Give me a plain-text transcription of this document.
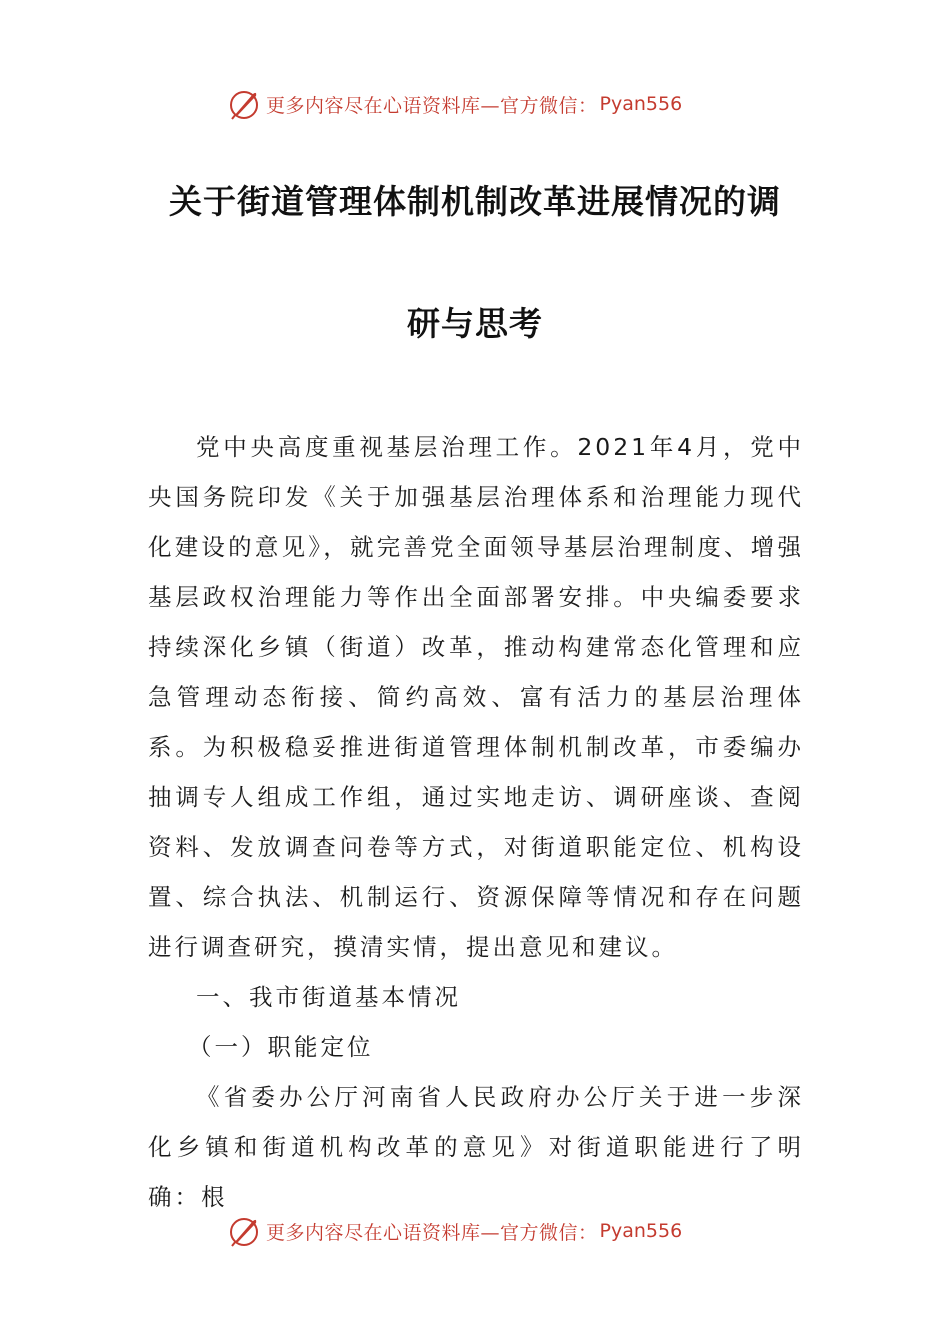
更多内容尽在心语资料库—官方微信： Pyan556
关于街道管理体制机制改革进展情况的调
研与思考

党中央高度重视基层治理工作。2021年4月，党中央国务院印发《关于加强基层治理体系和治理能力现代化建设的意见》，就完善党全面领导基层治理制度、增强基层政权治理能力等作出全面部署安排。中央编委要求持续深化乡镇（街道）改革，推动构建常态化管理和应急管理动态衔接、简约高效、富有活力的基层治理体系。为积极稳妥推进街道管理体制机制改革，市委编办抽调专人组成工作组，通过实地走访、调研座谈、查阅资料、发放调查问卷等方式，对街道职能定位、机构设置、综合执法、机制运行、资源保障等情况和存在问题进行调查研究，摸清实情，提出意见和建议。

一、我市街道基本情况

（一）职能定位

《省委办公厅河南省人民政府办公厅关于进一步深化乡镇和街道机构改革的意见》对街道职能进行了明确：根

更多内容尽在心语资料库—官方微信： Pyan556
